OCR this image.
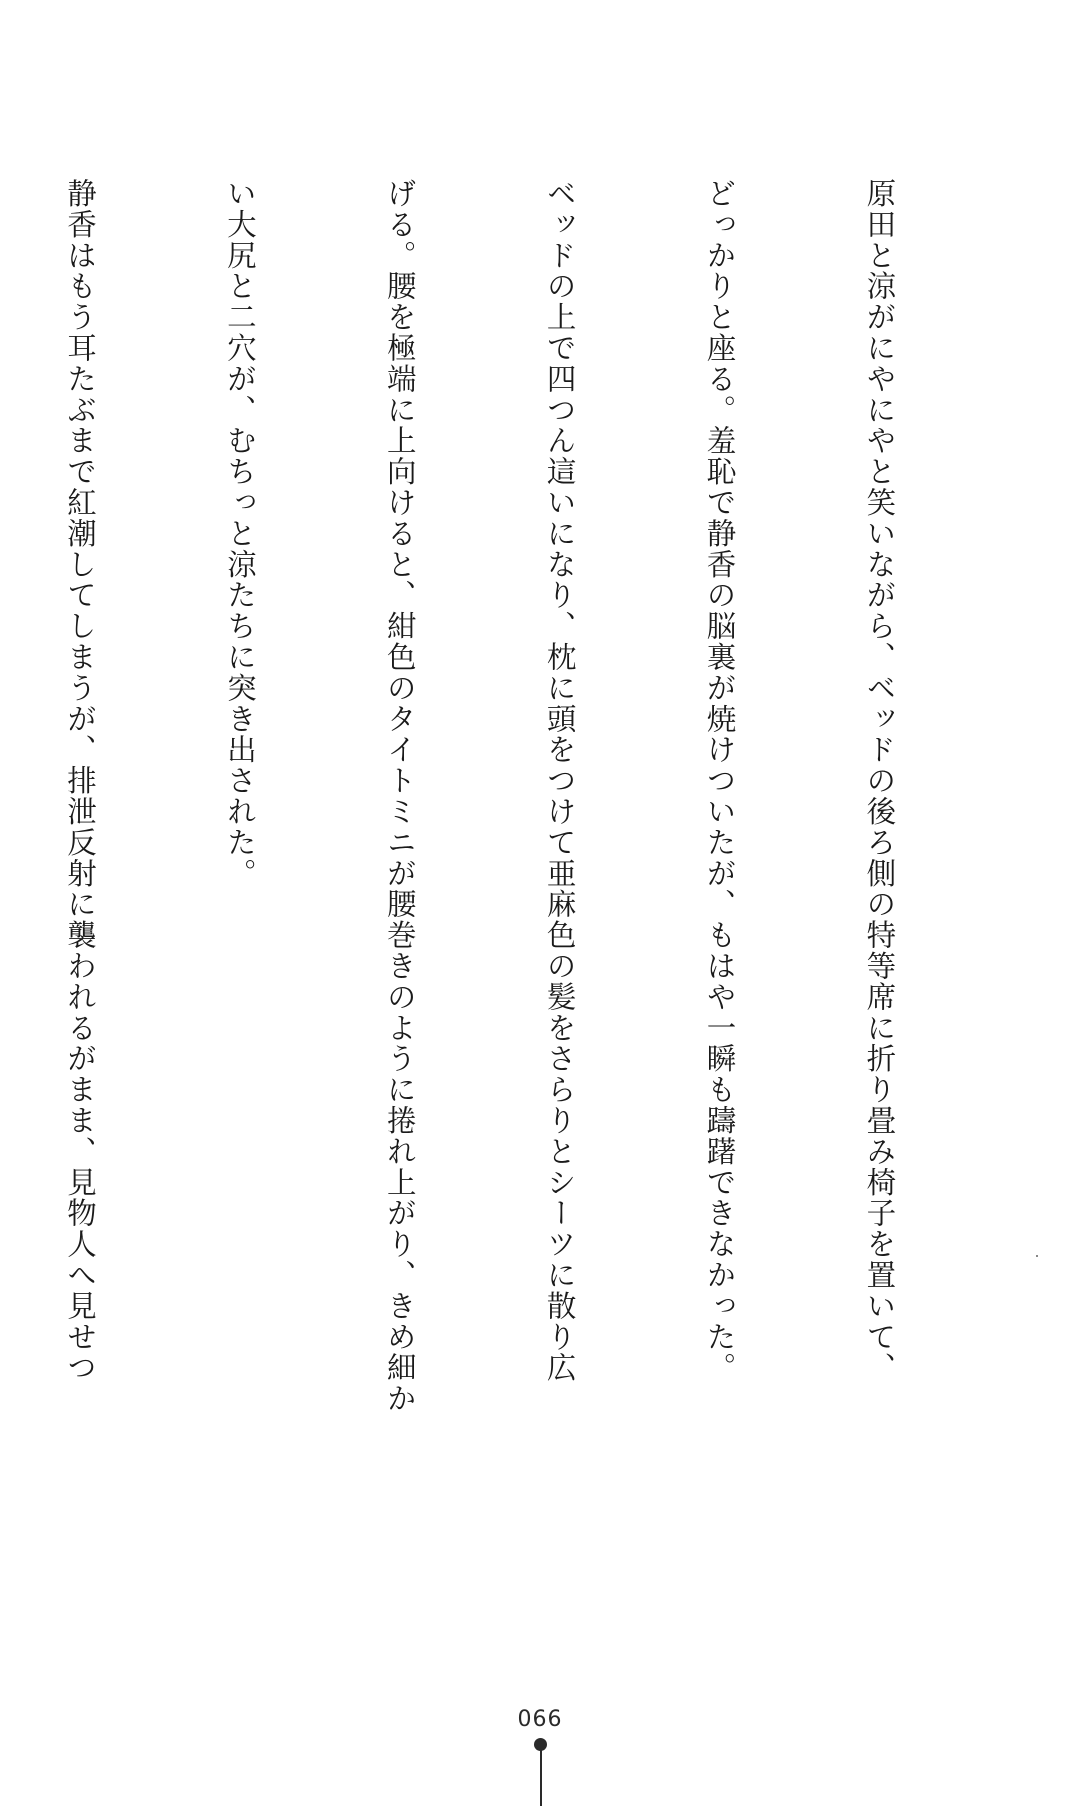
原田と涼がにやにやと笑いながら、ベッドの後ろ側の特等席に折り畳み椅子を置いて、

どっかりと座る。羞恥で静香の脳裏が焼けついたが、もはや一瞬も躊躇できなかった。

ベッドの上で四つん這いになり、枕に頭をつけて亜麻色の髪をさらりとシーツに散り広

げる。腰を極端に上向けると、紺色のタイトミニが腰巻きのように捲れ上がり、きめ細か

い大尻と二穴が、むちっと涼たちに突き出された。

静香はもう耳たぶまで紅潮してしまうが、排泄反射に襲われるがまま、見物人へ見せつ

066
